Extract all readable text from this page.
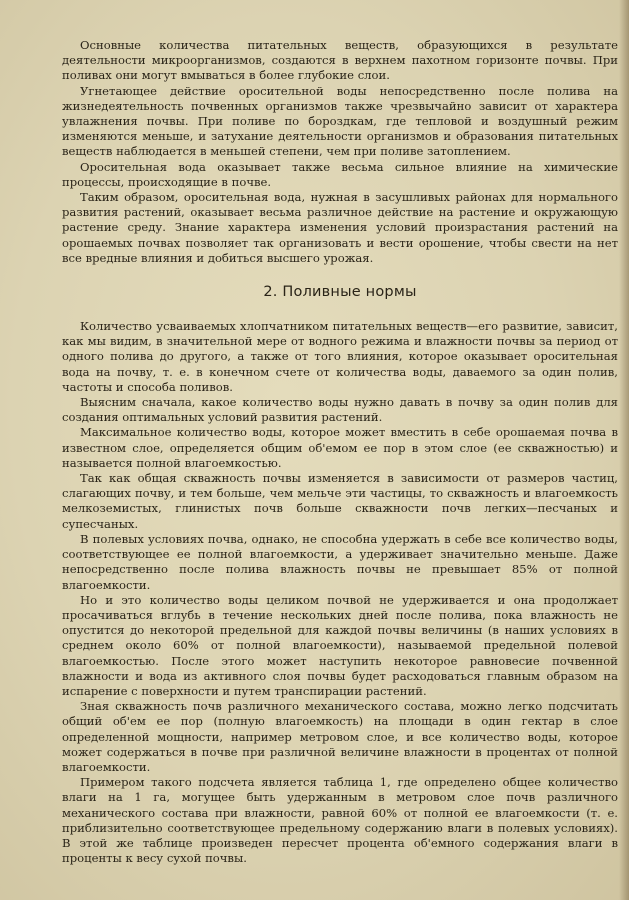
Основные количества питательных веществ, образующихся в результате деятельности микроорганизмов, создаются в верхнем пахотном горизонте почвы. При поливах они могут вмываться в более глубокие слои.

Угнетающее действие оросительной воды непосредственно после полива на жизнедеятельность почвенных организмов также чрезвычайно зависит от характера увлажнения почвы. При поливе по бороздкам, где тепловой и воздушный режим изменяются меньше, и затухание деятельности организмов и образования питательных веществ наблюдается в меньшей степени, чем при поливе затоплением.

Оросительная вода оказывает также весьма сильное влияние на химические процессы, происходящие в почве.

Таким образом, оросительная вода, нужная в засушливых районах для нормального развития растений, оказывает весьма различное действие на растение и окружающую растение среду. Знание характера изменения условий произрастания растений на орошаемых почвах позволяет так организовать и вести орошение, чтобы свести на нет все вредные влияния и добиться высшего урожая.

2. Поливные нормы

Количество усваиваемых хлопчатником питательных веществ—его развитие, зависит, как мы видим, в значительной мере от водного режима и влажности почвы за период от одного полива до другого, а также от того влияния, которое оказывает оросительная вода на почву, т. е. в конечном счете от количества воды, даваемого за один полив, частоты и способа поливов.

Выясним сначала, какое количество воды нужно давать в почву за один полив для создания оптимальных условий развития растений.

Максимальное количество воды, которое может вместить в себе орошаемая почва в известном слое, определяется общим об'емом ее пор в этом слое (ее скважностью) и называется полной влагоемкостью.

Так как общая скважность почвы изменяется в зависимости от размеров частиц, слагающих почву, и тем больше, чем мельче эти частицы, то скважность и влагоемкость мелкоземистых, глинистых почв больше скважности почв легких—песчаных и супесчаных.

В полевых условиях почва, однако, не способна удержать в себе все количество воды, соответствующее ее полной влагоемкости, а удерживает значительно меньше. Даже непосредственно после полива влажность почвы не превышает 85% от полной влагоемкости.

Но и это количество воды целиком почвой не удерживается и она продолжает просачиваться вглубь в течение нескольких дней после полива, пока влажность не опустится до некоторой предельной для каждой почвы величины (в наших условиях в среднем около 60% от полной влагоемкости), называемой предельной полевой влагоемкостью. После этого может наступить некоторое равновесие почвенной влажности и вода из активного слоя почвы будет расходоваться главным образом на испарение с поверхности и путем транспирации растений.

Зная скважность почв различного механического состава, можно легко подсчитать общий об'ем ее пор (полную влагоемкость) на площади в один гектар в слое определенной мощности, например метровом слое, и все количество воды, которое может содержаться в почве при различной величине влажности в процентах от полной влагоемкости.

Примером такого подсчета является таблица 1, где определено общее количество влаги на 1 га, могущее быть удержанным в метровом слое почв различного механического состава при влажности, равной 60% от полной ее влагоемкости (т. е. приблизительно соответствующее предельному содержанию влаги в полевых условиях). В этой же таблице произведен пересчет процента об'емного содержания влаги в проценты к весу сухой почвы.
